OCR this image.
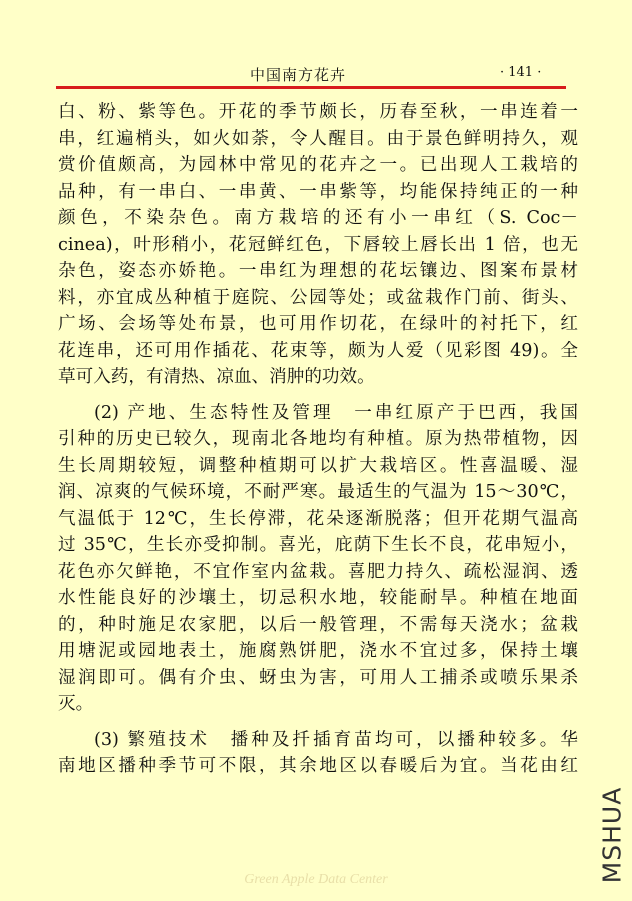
中国南方花卉	· 141 ·
白、粉、紫等色。开花的季节颇长，历春至秋，一串连着一
串，红遍梢头，如火如荼，令人醒目。由于景色鲜明持久，观
赏价值颇高，为园林中常见的花卉之一。已出现人工栽培的
品种，有一串白、一串黄、一串紫等，均能保持纯正的一种
颜色，不染杂色。南方栽培的还有小一串红（S. Coc－
cinea)，叶形稍小，花冠鲜红色，下唇较上唇长出 1 倍，也无
杂色，姿态亦娇艳。一串红为理想的花坛镶边、图案布景材
料，亦宜成丛种植于庭院、公园等处；或盆栽作门前、街头、
广场、会场等处布景，也可用作切花，在绿叶的衬托下，红
花连串，还可用作插花、花束等，颇为人爱（见彩图 49)。全
草可入药，有清热、凉血、消肿的功效。
(2) 产地、生态特性及管理　一串红原产于巴西，我国
引种的历史已较久，现南北各地均有种植。原为热带植物，因
生长周期较短，调整种植期可以扩大栽培区。性喜温暖、湿
润、凉爽的气候环境，不耐严寒。最适生的气温为 15～30℃，
气温低于 12℃，生长停滞，花朵逐渐脱落；但开花期气温高
过 35℃，生长亦受抑制。喜光，庇荫下生长不良，花串短小，
花色亦欠鲜艳，不宜作室内盆栽。喜肥力持久、疏松湿润、透
水性能良好的沙壤土，切忌积水地，较能耐旱。种植在地面
的，种时施足农家肥，以后一般管理，不需每天浇水；盆栽
用塘泥或园地表土，施腐熟饼肥，浇水不宜过多，保持土壤
湿润即可。偶有介虫、蚜虫为害，可用人工捕杀或喷乐果杀
灭。
(3) 繁殖技术　播种及扦插育苗均可，以播种较多。华
南地区播种季节可不限，其余地区以春暖后为宜。当花由红
Green Apple Data Center	MSHUA
